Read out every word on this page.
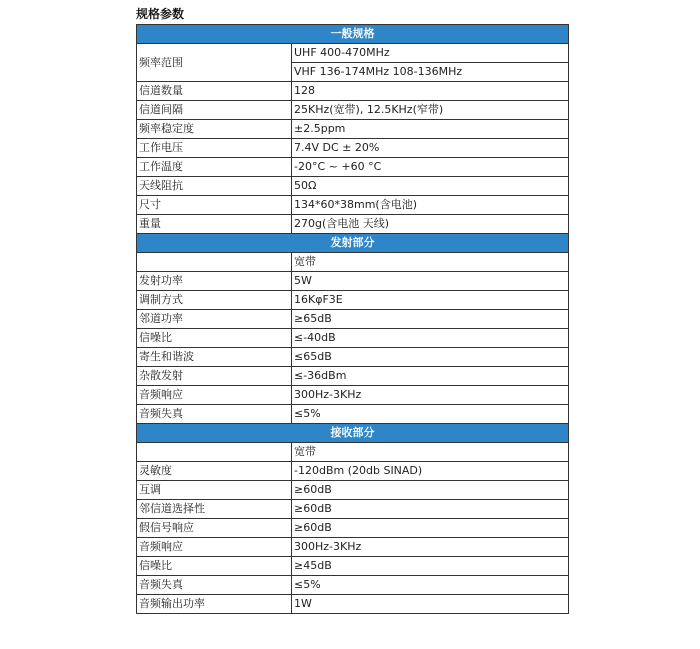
规格参数
一般规格	
频率范围	UHF 400-470MHz
	VHF 136-174MHz 108-136MHz
信道数量	128
信道间隔	25KHz(宽带), 12.5KHz(窄带)
频率稳定度	±2.5ppm
工作电压	7.4V DC ± 20%
工作温度	-20°C ~ +60 °C
天线阻抗	50Ω
尺寸	134*60*38mm(含电池)
重量	270g(含电池 天线)
发射部分	
	宽带
发射功率	5W
调制方式	16KφF3E
邻道功率	≥65dB
信噪比	≤-40dB
寄生和谐波	≤65dB
杂散发射	≤-36dBm
音频响应	300Hz-3KHz
音频失真	≤5%
接收部分	
	宽带
灵敏度	-120dBm (20db SINAD)
互调	≥60dB
邻信道选择性	≥60dB
假信号响应	≥60dB
音频响应	300Hz-3KHz
信噪比	≥45dB
音频失真	≤5%
音频输出功率	1W
